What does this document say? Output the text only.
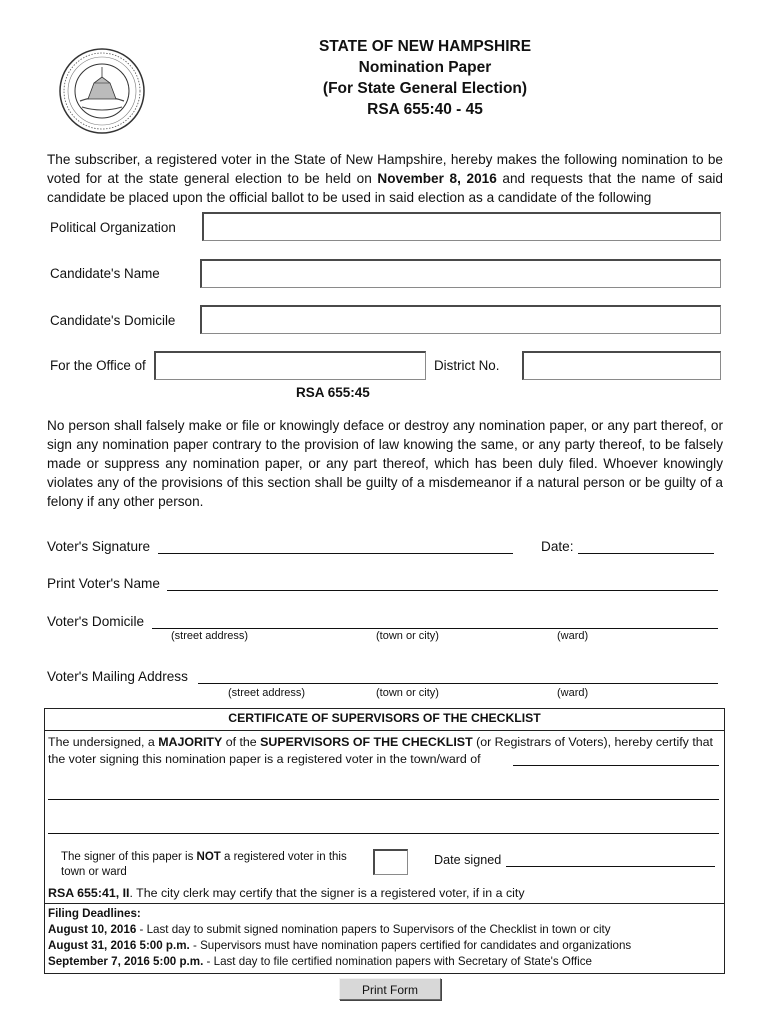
STATE OF NEW HAMPSHIRE
Nomination Paper
(For State General Election)
RSA 655:40 - 45
The subscriber, a registered voter in the State of New Hampshire, hereby makes the following nomination to be voted for at the state general election to be held on November 8, 2016 and requests that the name of said candidate be placed upon the official ballot to be used in said election as a candidate of the following
Political Organization
Candidate's Name
Candidate's Domicile
For the Office of	District No.
RSA 655:45
No person shall falsely make or file or knowingly deface or destroy any nomination paper, or any part thereof, or sign any nomination paper contrary to the provision of law knowing the same, or any party thereof, to be falsely made or suppress any nomination paper, or any part thereof, which has been duly filed. Whoever knowingly violates any of the provisions of this section shall be guilty of a misdemeanor if a natural person or be guilty of a felony if any other person.
Voter's Signature	Date:
Print Voter's Name
Voter's Domicile
(street address)	(town or city)	(ward)
Voter's Mailing Address
(street address)	(town or city)	(ward)
CERTIFICATE OF SUPERVISORS OF THE CHECKLIST
The undersigned, a MAJORITY of the SUPERVISORS OF THE CHECKLIST (or Registrars of Voters), hereby certify that the voter signing this nomination paper is a registered voter in the town/ward of
The signer of this paper is NOT a registered voter in this town or ward
Date signed
RSA 655:41, II. The city clerk may certify that the signer is a registered voter, if in a city
Filing Deadlines:
August 10, 2016 - Last day to submit signed nomination papers to Supervisors of the Checklist in town or city
August 31, 2016 5:00 p.m. - Supervisors must have nomination papers certified for candidates and organizations
September 7, 2016 5:00 p.m. - Last day to file certified nomination papers with Secretary of State's Office
Print Form
